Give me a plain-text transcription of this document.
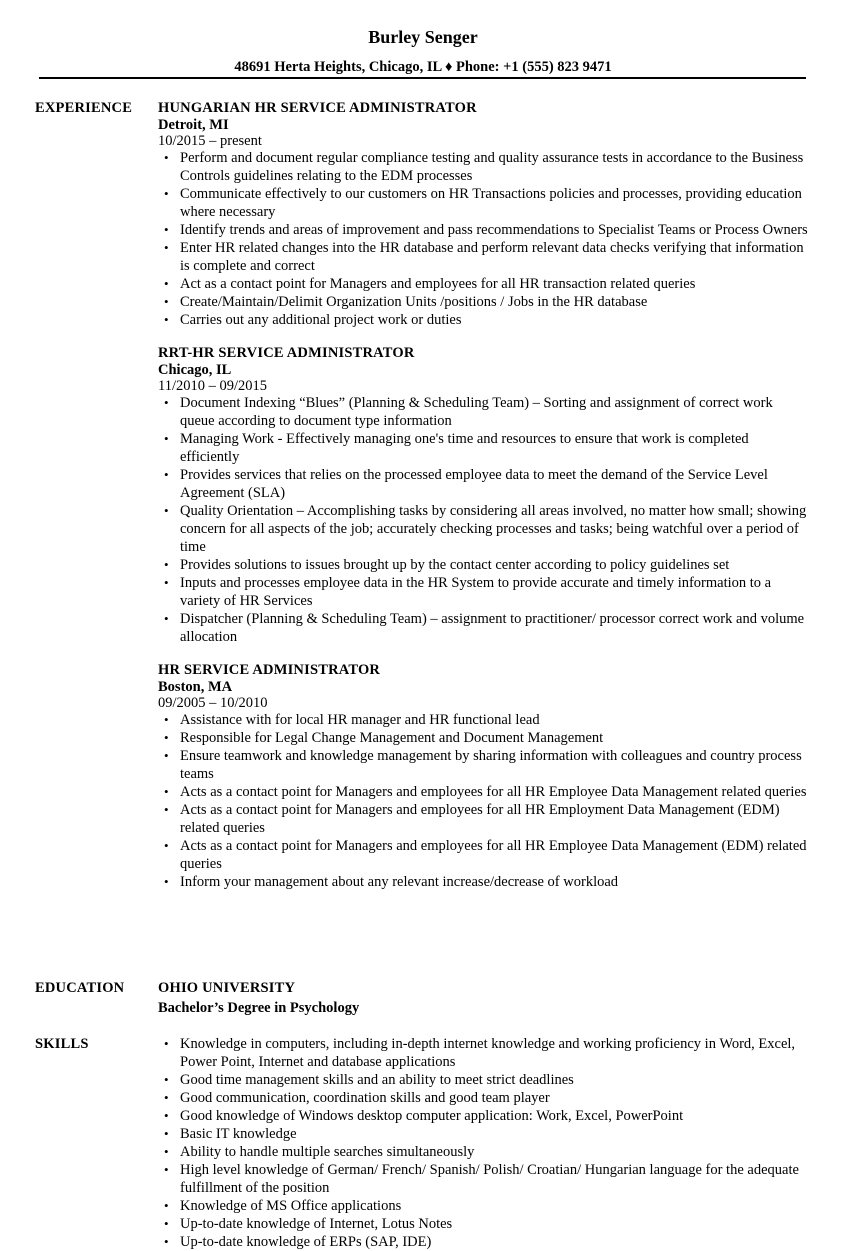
Burley Senger
48691 Herta Heights, Chicago, IL ♦ Phone: +1 (555) 823 9471
EXPERIENCE HUNGARIAN HR SERVICE ADMINISTRATOR
Detroit, MI
10/2015 – present
• Perform and document regular compliance testing and quality assurance tests in accordance to the Business Controls guidelines relating to the EDM processes
• Communicate effectively to our customers on HR Transactions policies and processes, providing education where necessary
• Identify trends and areas of improvement and pass recommendations to Specialist Teams or Process Owners
• Enter HR related changes into the HR database and perform relevant data checks verifying that information is complete and correct
• Act as a contact point for Managers and employees for all HR transaction related queries
• Create/Maintain/Delimit Organization Units /positions / Jobs in the HR database
• Carries out any additional project work or duties
RRT-HR SERVICE ADMINISTRATOR
Chicago, IL
11/2010 – 09/2015
• Document Indexing “Blues” (Planning & Scheduling Team) – Sorting and assignment of correct work queue according to document type information
• Managing Work - Effectively managing one's time and resources to ensure that work is completed efficiently
• Provides services that relies on the processed employee data to meet the demand of the Service Level Agreement (SLA)
• Quality Orientation – Accomplishing tasks by considering all areas involved, no matter how small; showing concern for all aspects of the job; accurately checking processes and tasks; being watchful over a period of time
• Provides solutions to issues brought up by the contact center according to policy guidelines set
• Inputs and processes employee data in the HR System to provide accurate and timely information to a variety of HR Services
• Dispatcher (Planning & Scheduling Team) – assignment to practitioner/ processor correct work and volume allocation
HR SERVICE ADMINISTRATOR
Boston, MA
09/2005 – 10/2010
• Assistance with for local HR manager and HR functional lead
• Responsible for Legal Change Management and Document Management
• Ensure teamwork and knowledge management by sharing information with colleagues and country process teams
• Acts as a contact point for Managers and employees for all HR Employee Data Management related queries
• Acts as a contact point for Managers and employees for all HR Employment Data Management (EDM) related queries
• Acts as a contact point for Managers and employees for all HR Employee Data Management (EDM) related queries
• Inform your management about any relevant increase/decrease of workload
EDUCATION OHIO UNIVERSITY
Bachelor’s Degree in Psychology
SKILLS	• Knowledge in computers, including in-depth internet knowledge and working proficiency in Word, Excel, Power Point, Internet and database applications
• Good time management skills and an ability to meet strict deadlines
• Good communication, coordination skills and good team player
• Good knowledge of Windows desktop computer application: Work, Excel, PowerPoint
• Basic IT knowledge
• Ability to handle multiple searches simultaneously
• High level knowledge of German/ French/ Spanish/ Polish/ Croatian/ Hungarian language for the adequate fulfillment of the position
• Knowledge of MS Office applications
• Up-to-date knowledge of Internet, Lotus Notes
• Up-to-date knowledge of ERPs (SAP, IDE)
